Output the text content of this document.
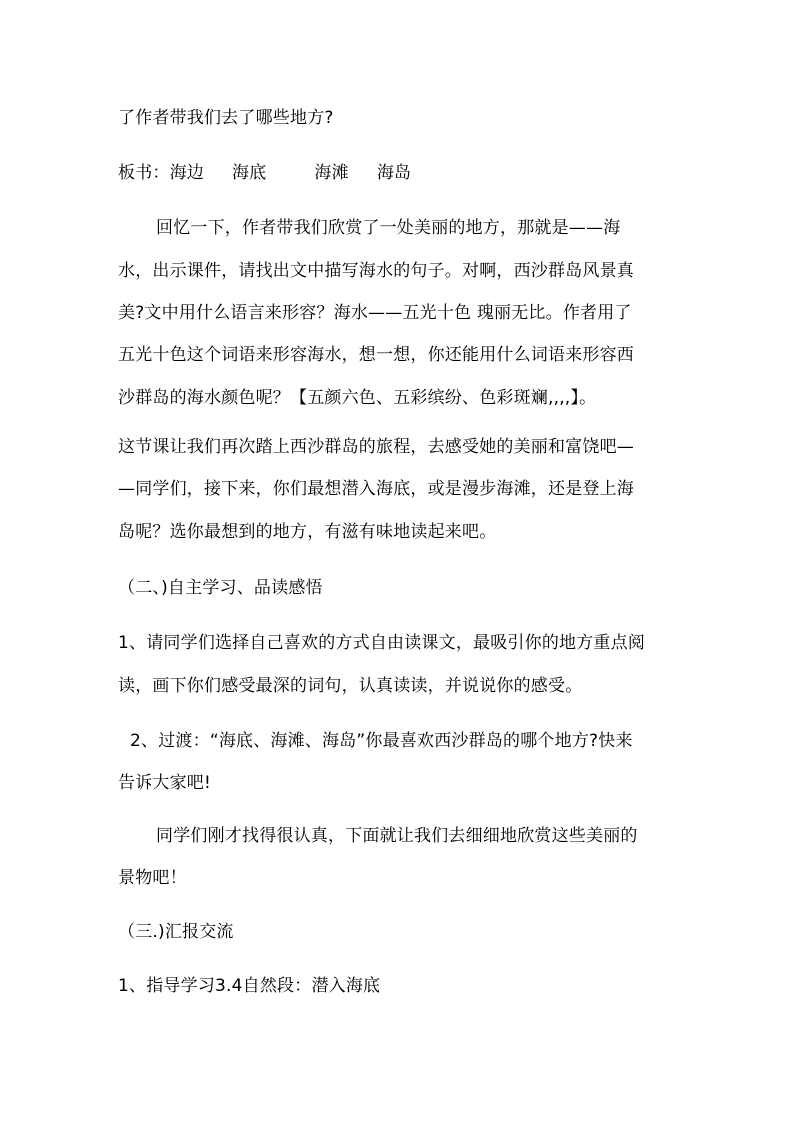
了作者带我们去了哪些地方?
板书：海边 海底	海滩 海岛
回忆一下，作者带我们欣赏了一处美丽的地方，那就是——海
水，出示课件，请找出文中描写海水的句子。对啊，西沙群岛风景真
美?文中用什么语言来形容？海水——五光十色 瑰丽无比。作者用了
五光十色这个词语来形容海水，想一想，你还能用什么词语来形容西
沙群岛的海水颜色呢？【五颜六色、五彩缤纷、色彩斑斓,,,,】。
这节课让我们再次踏上西沙群岛的旅程，去感受她的美丽和富饶吧—
—同学们，接下来，你们最想潜入海底，或是漫步海滩，还是登上海
岛呢？选你最想到的地方，有滋有味地读起来吧。
（二、)自主学习、品读感悟
1、请同学们选择自己喜欢的方式自由读课文，最吸引你的地方重点阅
读，画下你们感受最深的词句，认真读读，并说说你的感受。
2、过渡：“海底、海滩、海岛”你最喜欢西沙群岛的哪个地方?快来
告诉大家吧!
同学们刚才找得很认真，下面就让我们去细细地欣赏这些美丽的
景物吧！
（三.)汇报交流
1、指导学习3.4自然段：潜入海底
